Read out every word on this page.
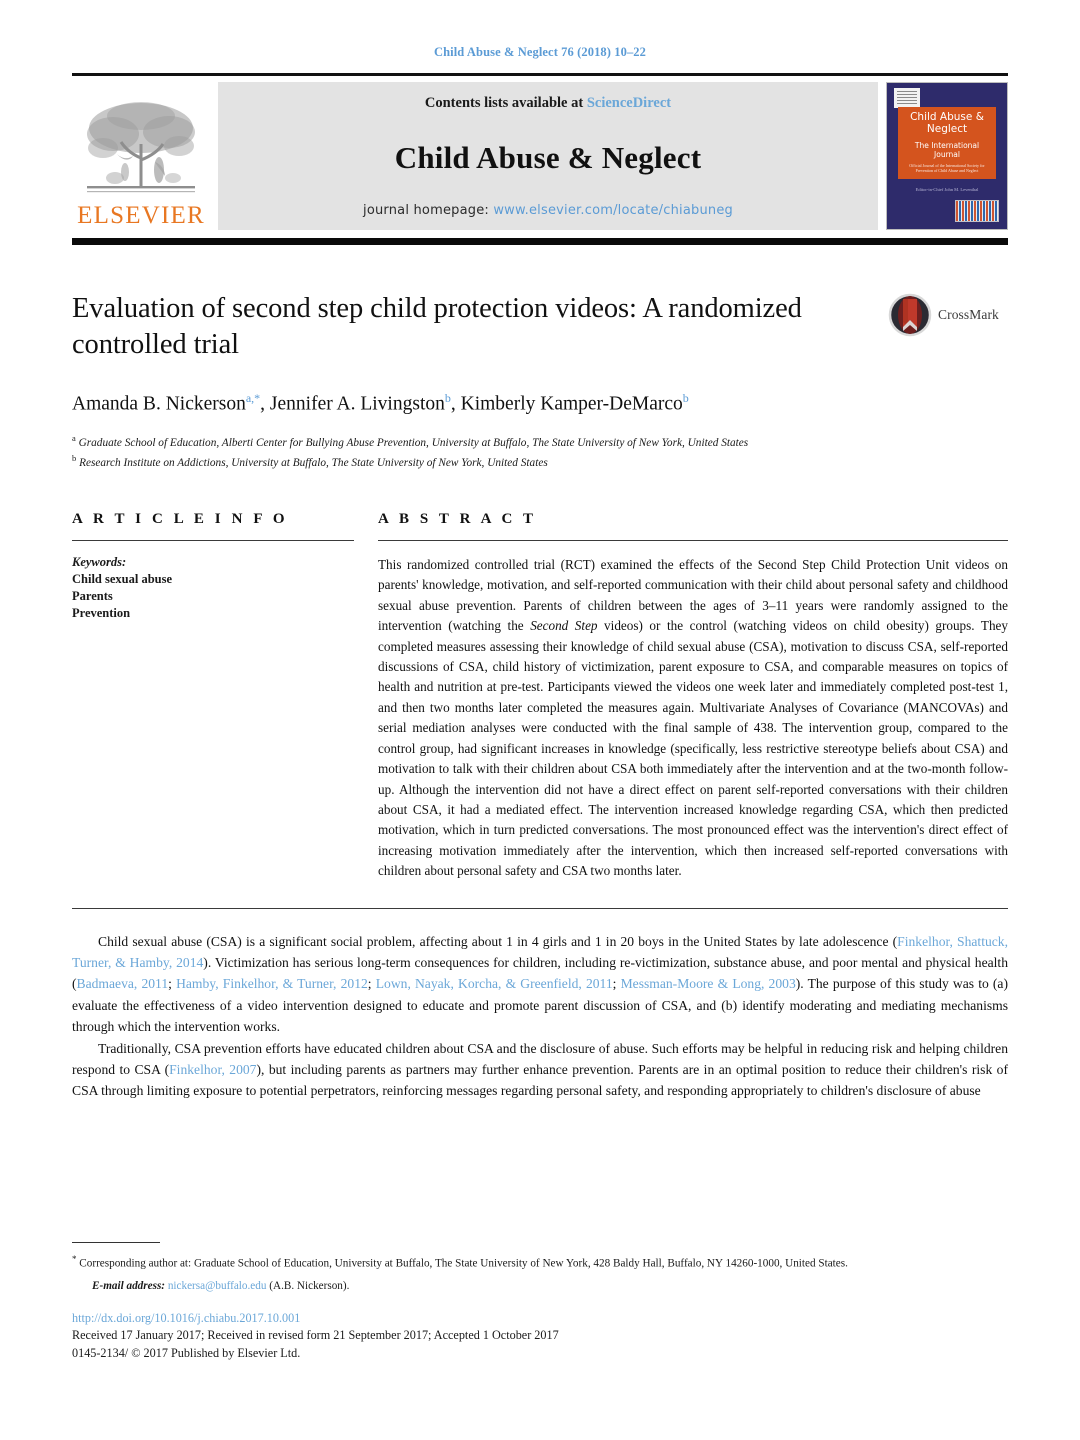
Child Abuse & Neglect 76 (2018) 10–22
ELSEVIER
Contents lists available at ScienceDirect
Child Abuse & Neglect
journal homepage: www.elsevier.com/locate/chiabuneg
Child Abuse & Neglect
The International Journal
Official Journal of the International Society for Prevention of Child Abuse and Neglect
Editor-in-Chief John M. Leventhal
Evaluation of second step child protection videos: A randomized controlled trial
CrossMark
Amanda B. Nickerson$^{a,*}$, Jennifer A. Livingston$^b$, Kimberly Kamper-DeMarco$^b$
$^a$ Graduate School of Education, Alberti Center for Bullying Abuse Prevention, University at Buffalo, The State University of New York, United States
$^b$ Research Institute on Addictions, University at Buffalo, The State University of New York, United States
A R T I C L E I N F O
Keywords:
Child sexual abuse
Parents
Prevention
A B S T R A C T
This randomized controlled trial (RCT) examined the effects of the Second Step Child Protection Unit videos on parents' knowledge, motivation, and self-reported communication with their child about personal safety and childhood sexual abuse prevention. Parents of children between the ages of 3–11 years were randomly assigned to the intervention (watching the Second Step videos) or the control (watching videos on child obesity) groups. They completed measures assessing their knowledge of child sexual abuse (CSA), motivation to discuss CSA, self-reported discussions of CSA, child history of victimization, parent exposure to CSA, and comparable measures on topics of health and nutrition at pre-test. Participants viewed the videos one week later and immediately completed post-test 1, and then two months later completed the measures again. Multivariate Analyses of Covariance (MANCOVAs) and serial mediation analyses were conducted with the final sample of 438. The intervention group, compared to the control group, had significant increases in knowledge (specifically, less restrictive stereotype beliefs about CSA) and motivation to talk with their children about CSA both immediately after the intervention and at the two-month follow-up. Although the intervention did not have a direct effect on parent self-reported conversations with their children about CSA, it had a mediated effect. The intervention increased knowledge regarding CSA, which then predicted motivation, which in turn predicted conversations. The most pronounced effect was the intervention's direct effect of increasing motivation immediately after the intervention, which then increased self-reported conversations with children about personal safety and CSA two months later.

Child sexual abuse (CSA) is a significant social problem, affecting about 1 in 4 girls and 1 in 20 boys in the United States by late adolescence (Finkelhor, Shattuck, Turner, & Hamby, 2014). Victimization has serious long-term consequences for children, including re-victimization, substance abuse, and poor mental and physical health (Badmaeva, 2011; Hamby, Finkelhor, & Turner, 2012; Lown, Nayak, Korcha, & Greenfield, 2011; Messman-Moore & Long, 2003). The purpose of this study was to (a) evaluate the effectiveness of a video intervention designed to educate and promote parent discussion of CSA, and (b) identify moderating and mediating mechanisms through which the intervention works.

Traditionally, CSA prevention efforts have educated children about CSA and the disclosure of abuse. Such efforts may be helpful in reducing risk and helping children respond to CSA (Finkelhor, 2007), but including parents as partners may further enhance prevention. Parents are in an optimal position to reduce their children's risk of CSA through limiting exposure to potential perpetrators, reinforcing messages regarding personal safety, and responding appropriately to children's disclosure of abuse

* Corresponding author at: Graduate School of Education, University at Buffalo, The State University of New York, 428 Baldy Hall, Buffalo, NY 14260-1000, United States.
E-mail address: nickersa@buffalo.edu (A.B. Nickerson).
http://dx.doi.org/10.1016/j.chiabu.2017.10.001
Received 17 January 2017; Received in revised form 21 September 2017; Accepted 1 October 2017
0145-2134/ © 2017 Published by Elsevier Ltd.
